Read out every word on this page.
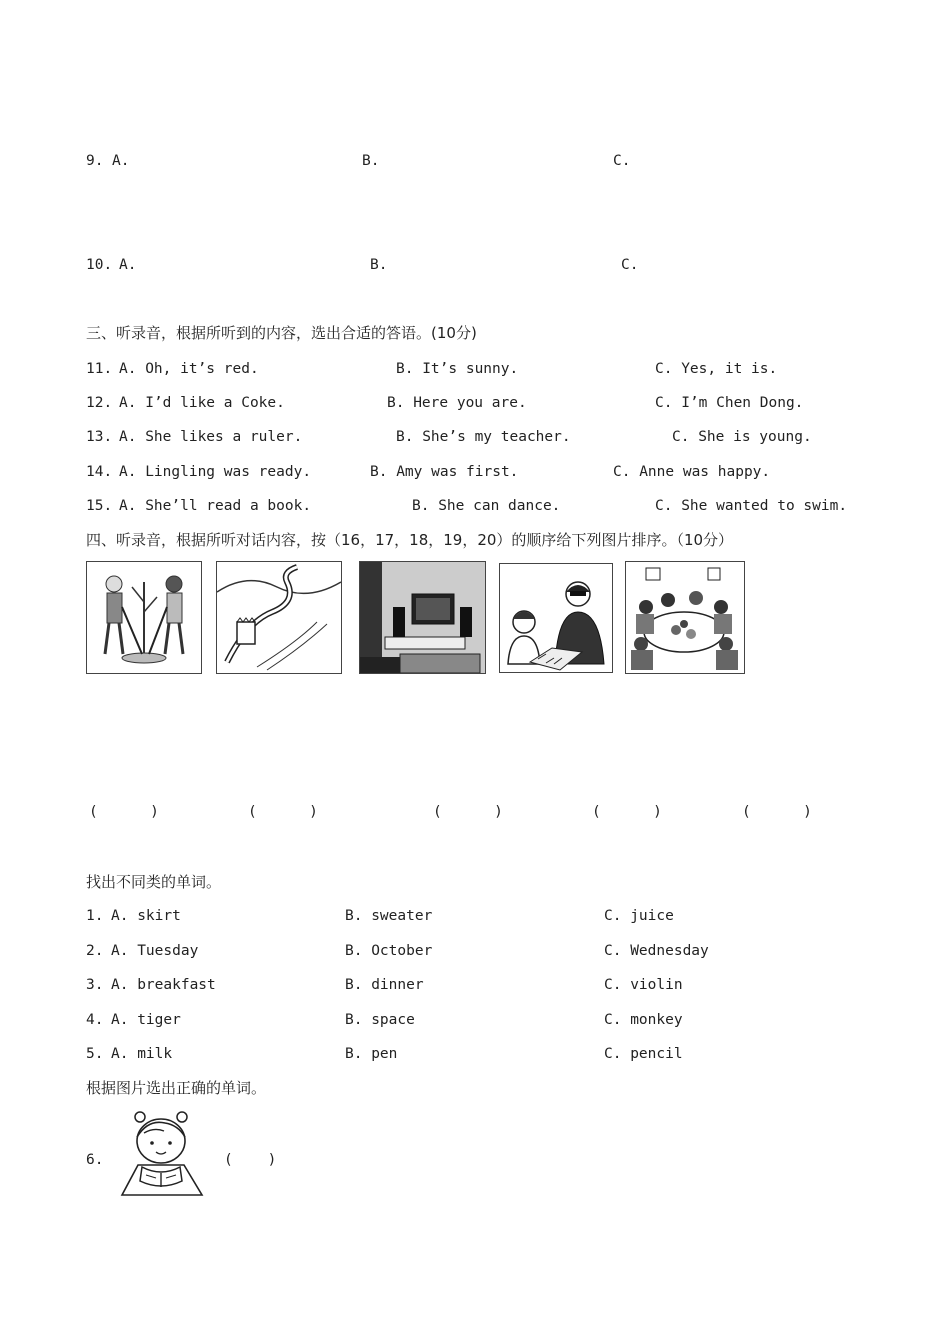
9. A.	B.	C.
10. A.	B.	C.
三、听录音，根据所听到的内容，选出合适的答语。(10分)
11. A. Oh, it’s red.	B. It’s sunny.	C. Yes, it is.
12. A. I’d like a Coke.	B. Here you are.	C. I’m Chen Dong.
13. A. She likes a ruler.	B. She’s my teacher.	C. She is young.
14. A. Lingling was ready.	B. Amy was first.	C. Anne was happy.
15. A. She’ll read a book.	B. She can dance.	C. She wanted to swim.
四、听录音，根据所听对话内容，按（16，17，18，19，20）的顺序给下列图片排序。（10分）
(      )	(      )	(      )	(      )	(      )
找出不同类的单词。
1. A. skirt	B. sweater	C. juice
2. A. Tuesday	B. October	C. Wednesday
3. A. breakfast	B. dinner	C. violin
4. A. tiger	B. space	C. monkey
5. A. milk	B. pen	C. pencil
根据图片选出正确的单词。
6.	(    )
